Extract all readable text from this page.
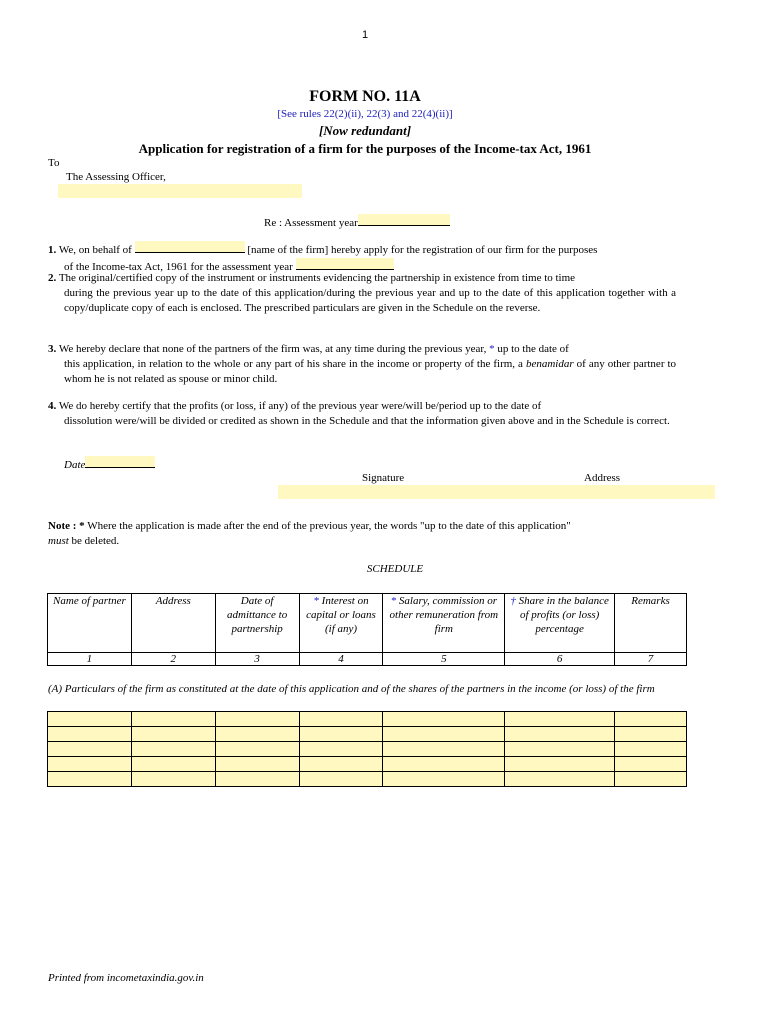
1
FORM NO. 11A
[See rules 22(2)(ii), 22(3) and 22(4)(ii)]
[Now redundant]
Application for registration of a firm for the purposes of the Income-tax Act, 1961
To
The Assessing Officer,
Re : Assessment year
1. We, on behalf of	[name of the firm] hereby apply for the registration of our firm for the purposes
of the Income-tax Act, 1961 for the assessment year
2. The original/certified copy of the instrument or instruments evidencing the partnership in existence from time to time
during the previous year up to the date of this application/during the previous year and up to the date of this application together with a copy/duplicate copy of each is enclosed. The prescribed particulars are given in the Schedule on the reverse.
3. We hereby declare that none of the partners of the firm was, at any time during the previous year, * up to the date of
this application, in relation to the whole or any part of his share in the income or property of the firm, a benamidar of any other partner to whom he is not related as spouse or minor child.
4. We do hereby certify that the profits (or loss, if any) of the previous year were/will be/period up to the date of
dissolution were/will be divided or credited as shown in the Schedule and that the information given above and in the Schedule is correct.
Date
Signature	Address
Note : * Where the application is made after the end of the previous year, the words "up to the date of this application"
must be deleted.
SCHEDULE
Name of partner	Address	Date of admittance to partnership	* Interest on capital or loans (if any)	* Salary, commission or other remuneration from firm	† Share in the balance of profits (or loss) percentage	Remarks
1	2	3	4	5	6	7
(A) Particulars of the firm as constituted at the date of this application and of the shares of the partners in the income (or loss) of the firm

Printed from incometaxindia.gov.in
